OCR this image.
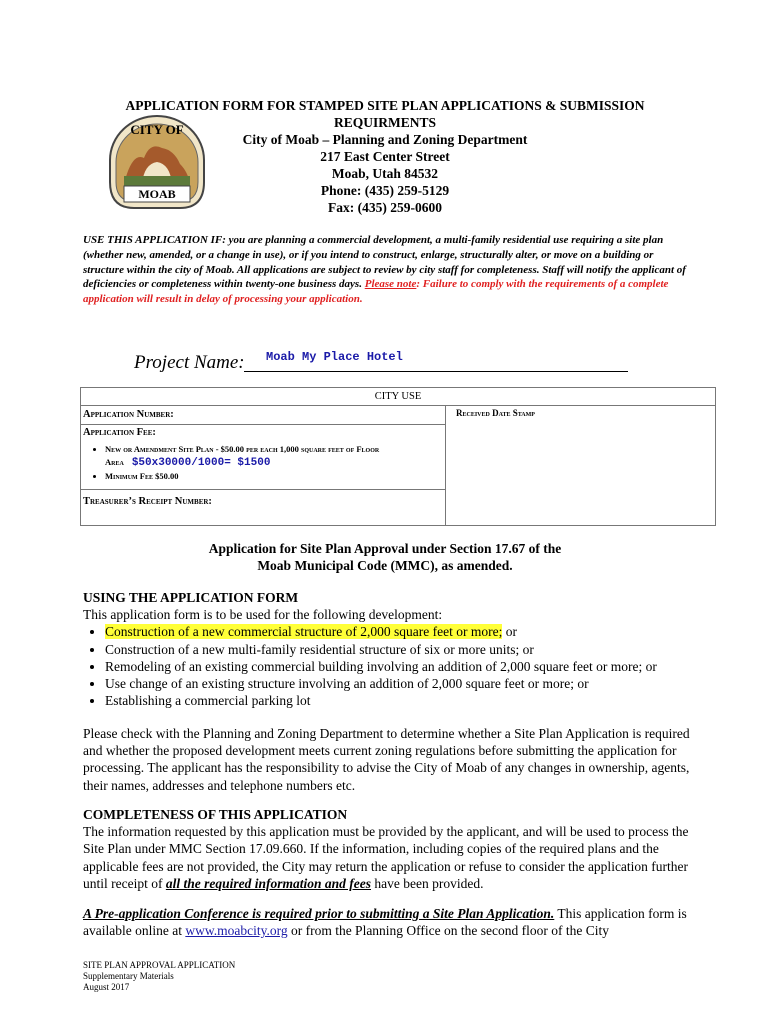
APPLICATION FORM FOR STAMPED SITE PLAN APPLICATIONS & SUBMISSION
REQUIRMENTS
City of Moab – Planning and Zoning Department
217 East Center Street
Moab, Utah 84532
Phone: (435) 259-5129
Fax: (435) 259-0600
MOAB
CITY OF
USE THIS APPLICATION IF: you are planning a commercial development, a multi-family residential use requiring a site plan (whether new, amended, or a change in use), or if you intend to construct, enlarge, structurally alter, or move on a building or structure within the city of Moab. All applications are subject to review by city staff for completeness. Staff will notify the applicant of deficiencies or completeness within twenty-one business days. Please note: Failure to comply with the requirements of a complete application will result in delay of processing your application.
Project Name: Moab My Place Hotel
CITY USE
Application Number:
Application Fee:
• New or Amendment Site Plan - $50.00 per each 1,000 square feet of Floor Area $50x30000/1000= $1500
• Minimum Fee $50.00
Treasurer’s Receipt Number:
Received Date Stamp
Application for Site Plan Approval under Section 17.67 of the
Moab Municipal Code (MMC), as amended.
USING THE APPLICATION FORM

This application form is to be used for the following development:

• Construction of a new commercial structure of 2,000 square feet or more; or
• Construction of a new multi-family residential structure of six or more units; or
• Remodeling of an existing commercial building involving an addition of 2,000 square feet or more; or
• Use change of an existing structure involving an addition of 2,000 square feet or more; or
• Establishing a commercial parking lot

Please check with the Planning and Zoning Department to determine whether a Site Plan Application is required and whether the proposed development meets current zoning regulations before submitting the application for processing. The applicant has the responsibility to advise the City of Moab of any changes in ownership, agents, their names, addresses and telephone numbers etc.

COMPLETENESS OF THIS APPLICATION

The information requested by this application must be provided by the applicant, and will be used to process the Site Plan under MMC Section 17.09.660. If the information, including copies of the required plans and the applicable fees are not provided, the City may return the application or refuse to consider the application further until receipt of all the required information and fees have been provided.

A Pre-application Conference is required prior to submitting a Site Plan Application. This application form is available online at www.moabcity.org or from the Planning Office on the second floor of the City

SITE PLAN APPROVAL APPLICATION
Supplementary Materials
August 2017
